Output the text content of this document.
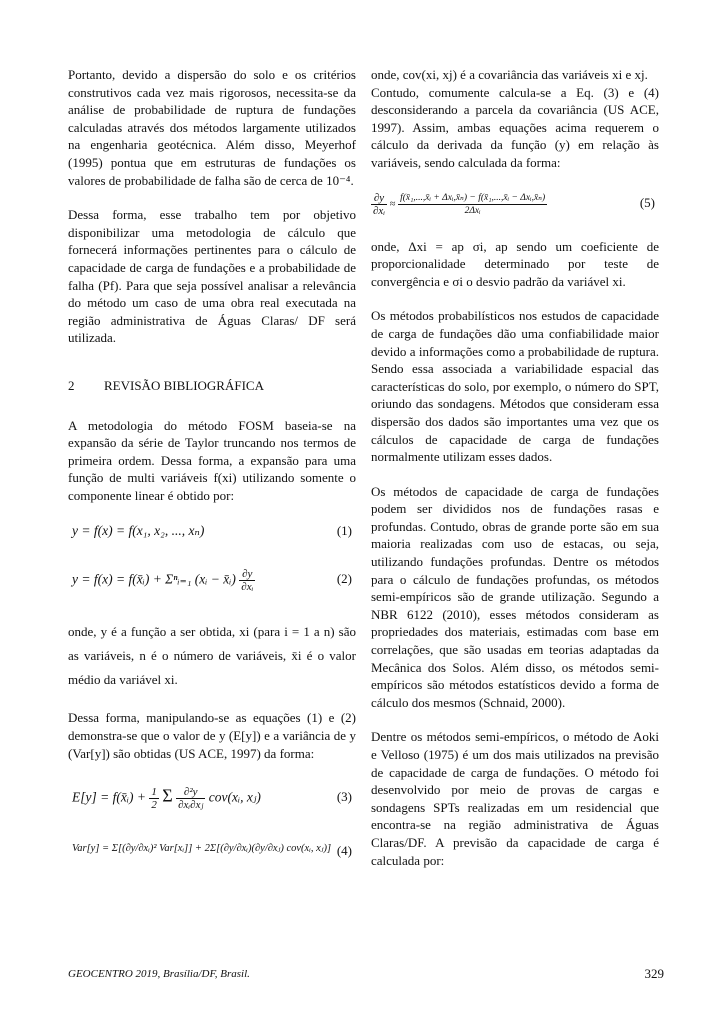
Portanto, devido a dispersão do solo e os critérios construtivos cada vez mais rigorosos, necessita-se da análise de probabilidade de ruptura de fundações calculadas através dos métodos largamente utilizados na engenharia geotécnica. Além disso, Meyerhof (1995) pontua que em estruturas de fundações os valores de probabilidade de falha são de cerca de 10⁻⁴.

Dessa forma, esse trabalho tem por objetivo disponibilizar uma metodologia de cálculo que fornecerá informações pertinentes para o cálculo de capacidade de carga de fundações e a probabilidade de falha (Pf). Para que seja possível analisar a relevância do método um caso de uma obra real executada na região administrativa de Águas Claras/ DF será utilizada.

2 REVISÃO BIBLIOGRÁFICA

A metodologia do método FOSM baseia-se na expansão da série de Taylor truncando nos termos de primeira ordem. Dessa forma, a expansão para uma função de multi variáveis f(xi) utilizando somente o componente linear é obtido por:

y = f(x) = f(x₁, x₂, ..., xₙ)	(1)
y = f(x) = f(x̄ᵢ) + Σⁿᵢ₌₁ (xᵢ − x̄ᵢ) $\frac{\partial y}{\text{∂xᵢ}}$	(2)

onde, y é a função a ser obtida, xi (para i = 1 a n) são as variáveis, n é o número de variáveis, x̄i é o valor médio da variável xi.

Dessa forma, manipulando-se as equações (1) e (2) demonstra-se que o valor de y (E[y]) e a variância de y (Var[y]) são obtidas (US ACE, 1997) da forma:

E[y] = f(x̄ᵢ) + $\frac{1}{2}$ Σ $\frac{\text{∂²y}}{\text{∂xᵢ∂xⱼ}}$ cov(xᵢ, xⱼ)	(3)
Var[y] = Σ[(∂y/∂xᵢ)² Var[xᵢ]] + 2Σ[(∂y/∂xᵢ)(∂y/∂xⱼ) cov(xᵢ, xⱼ)] (4)

onde, cov(xi, xj) é a covariância das variáveis xi e xj.

Contudo, comumente calcula-se a Eq. (3) e (4) desconsiderando a parcela da covariância (US ACE, 1997). Assim, ambas equações acima requerem o cálculo da derivada da função (y) em relação às variáveis, sendo calculada da forma:

$\frac{\partial y}{\text{∂xᵢ}} \approx \frac{\text{f(x̄₁,...,x̄ᵢ + Δxᵢ,x̄ₙ) − f(x̄₁,...,x̄ᵢ − Δxᵢ,x̄ₙ)}}{\text{2Δxᵢ}}$	(5)

onde, Δxi = ap σi, ap sendo um coeficiente de proporcionalidade determinado por teste de convergência e σi o desvio padrão da variável xi.

Os métodos probabilísticos nos estudos de capacidade de carga de fundações dão uma confiabilidade maior devido a informações como a probabilidade de ruptura. Sendo essa associada a variabilidade espacial das características do solo, por exemplo, o número do SPT, oriundo das sondagens. Métodos que consideram essa dispersão dos dados são importantes uma vez que os cálculos de capacidade de carga de fundações normalmente utilizam esses dados.

Os métodos de capacidade de carga de fundações podem ser divididos nos de fundações rasas e profundas. Contudo, obras de grande porte são em sua maioria realizadas com uso de estacas, ou seja, utilizando fundações profundas. Dentre os métodos para o cálculo de fundações profundas, os métodos semi-empíricos são de grande utilização. Segundo a NBR 6122 (2010), esses métodos consideram as propriedades dos materiais, estimadas com base em correlações, que são usadas em teorias adaptadas da Mecânica dos Solos. Além disso, os métodos semi-empíricos são métodos estatísticos devido a forma de cálculo dos mesmos (Schnaid, 2000).

Dentre os métodos semi-empíricos, o método de Aoki e Velloso (1975) é um dos mais utilizados na previsão de capacidade de carga de fundações. O método foi desenvolvido por meio de provas de cargas e sondagens SPTs realizadas em um residencial que encontra-se na região administrativa de Águas Claras/DF. A previsão da capacidade de carga é calculada por:

GEOCENTRO 2019, Brasília/DF, Brasil.	329
